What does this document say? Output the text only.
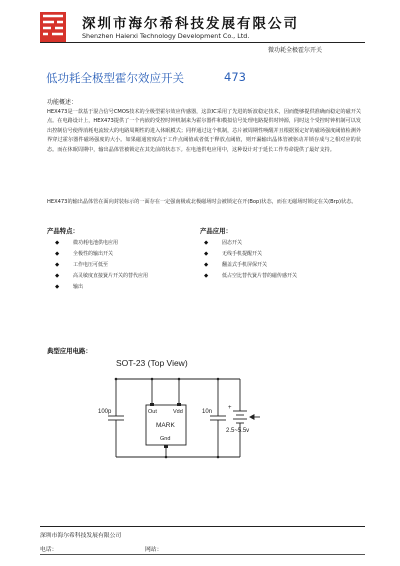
深圳市海尔希科技发展有限公司
Shenzhen Haierxi Technology Development Co., Ltd.
微功耗全极霍尔开关
低功耗全极型霍尔效应开关	473
功能概述：

HEX473是一款基于混合信号CMOS技术的全极型霍尔效应传感器，这款IC采用了先进的斩波稳定技术，因而能够提供准确而稳定的磁开关点。在电路设计上，HEX473提供了一个内嵌的受控时钟机制来为霍尔器件和模拟信号处理电路提供时钟源，同时这个受控时钟机制可以发出控制信号使得消耗电流较大的电路周期性的进入休眠模式；同样通过这个机制，芯片被周期性唤醒并且根据预定好的磁场强度阈值检测外界穿过霍尔器件磁场强度的大小。如果磁通密度高于工作点阈值或者低于释放点阈值，则开漏输出晶体管被驱动并锁存成与之相对应的状态。而在休眠周期中，输出晶体管被锁定在其先前的状态下。在电池供电应用中，这种设计对于延长工作寿命提供了最好支持。

HEX473的输出晶体管在面向封装标示的一面存在一定强南极或北极磁场时会被锁定在开(Bop)状态，而在无磁场时锁定在关(Brp)状态。

产品特点：
◆ 微功耗电池供电应用
◆ 全极性的输出开关
◆ 工作电压可低至
◆ 高灵敏度直接簧片开关的替代应用
◆ 输出
产品应用：
◆ 固态开关
◆ 无线手机提醒开关
◆ 翻盖式手机屏保开关
◆ 低占空比替代簧片替的磁传感开关
典型应用电路：
SOT-23 (Top View)
100p	10n
Out	Vdd
MARK
Gnd
+
2.5~5.5v
深圳市海尔希科技发展有限公司
电话：	网站：
